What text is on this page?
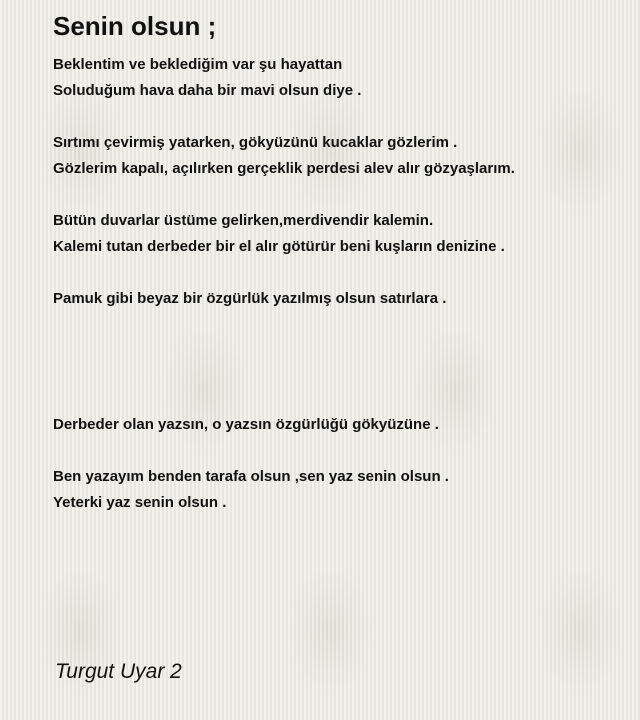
Senin olsun ;

Beklentim ve beklediğim var şu hayattan

Soluduğum hava daha bir mavi olsun diye .

Sırtımı çevirmiş yatarken, gökyüzünü kucaklar gözlerim .

Gözlerim kapalı, açılırken gerçeklik perdesi alev alır gözyaşlarım.

Bütün duvarlar üstüme gelirken,merdivendir kalemin.

Kalemi tutan derbeder bir el alır götürür beni kuşların denizine .

Pamuk gibi beyaz bir özgürlük yazılmış olsun satırlara .

Derbeder olan yazsın, o yazsın özgürlüğü gökyüzüne .

Ben yazayım benden tarafa olsun ,sen yaz senin olsun .

Yeterki yaz senin olsun .

Turgut Uyar 2
